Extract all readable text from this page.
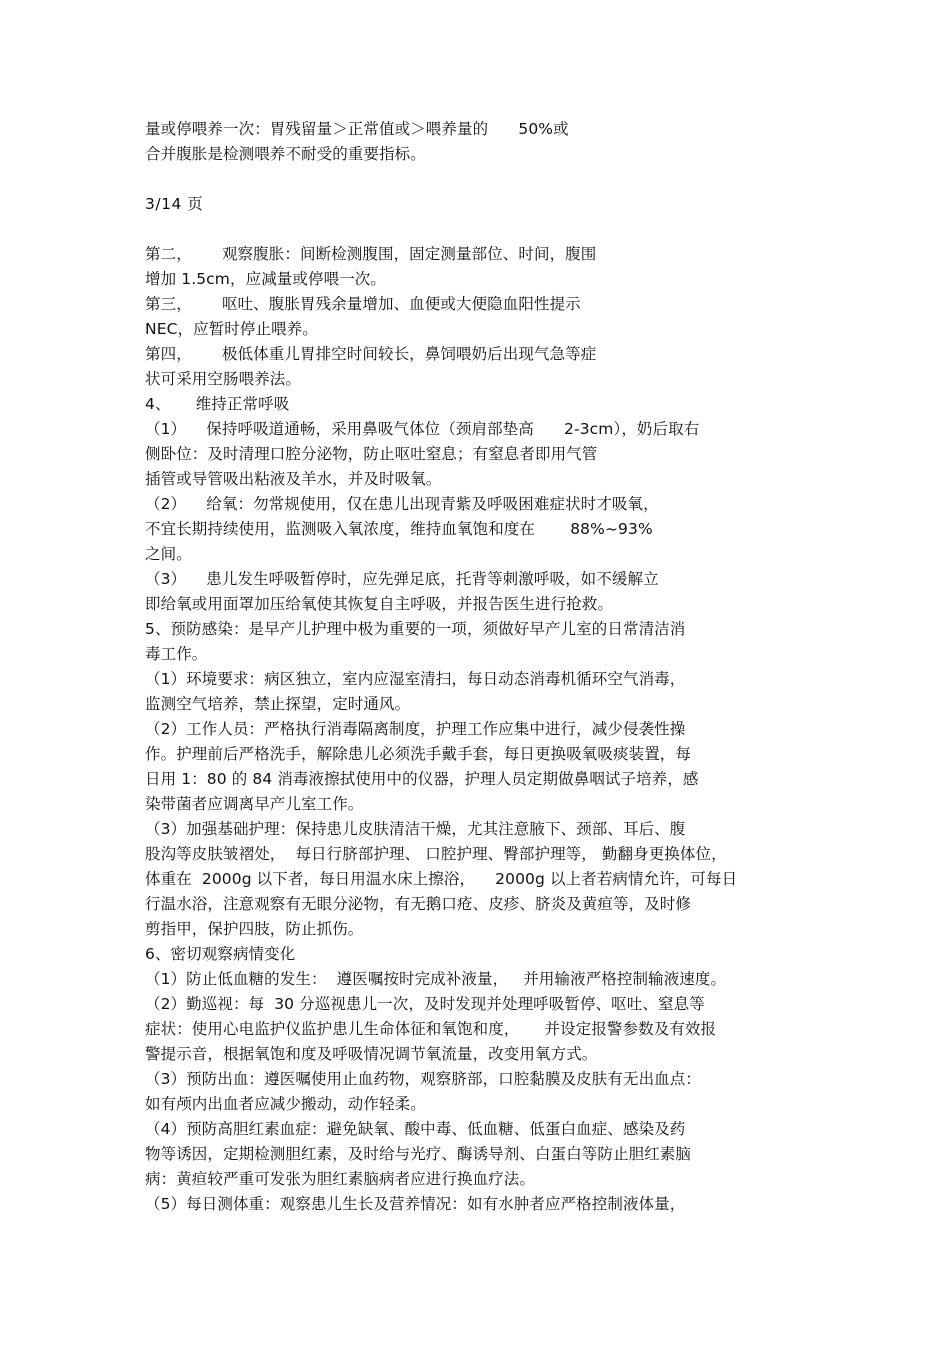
量或停喂养一次：胃残留量＞正常值或＞喂养量的      50%或
合并腹胀是检测喂养不耐受的重要指标。
3/14 页
第二，      观察腹胀：间断检测腹围，固定测量部位、时间，腹围
增加 1.5cm，应减量或停喂一次。
第三，      呕吐、腹胀胃残余量增加、血便或大便隐血阳性提示
NEC，应暂时停止喂养。
第四，      极低体重儿胃排空时间较长，鼻饲喂奶后出现气急等症
状可采用空肠喂养法。
4、     维持正常呼吸
（1）    保持呼吸道通畅，采用鼻吸气体位（颈肩部垫高      2-3cm），奶后取右
侧卧位：及时清理口腔分泌物，防止呕吐窒息；有窒息者即用气管
插管或导管吸出粘液及羊水，并及时吸氧。
（2）    给氧：勿常规使用，仅在患儿出现青紫及呼吸困难症状时才吸氧，
不宜长期持续使用，监测吸入氧浓度，维持血氧饱和度在       88%~93%
之间。
（3）    患儿发生呼吸暂停时，应先弹足底，托背等刺激呼吸，如不缓解立
即给氧或用面罩加压给氧使其恢复自主呼吸，并报告医生进行抢救。
5、预防感染：是早产儿护理中极为重要的一项，须做好早产儿室的日常清洁消
毒工作。
（1）环境要求：病区独立，室内应湿室清扫，每日动态消毒机循环空气消毒，
监测空气培养，禁止探望，定时通风。
（2）工作人员：严格执行消毒隔离制度，护理工作应集中进行，减少侵袭性操
作。护理前后严格洗手，解除患儿必须洗手戴手套，每日更换吸氧吸痰装置，每
日用 1：80 的 84 消毒液擦拭使用中的仪器，护理人员定期做鼻咽试子培养，感
染带菌者应调离早产儿室工作。
（3）加强基础护理：保持患儿皮肤清洁干燥，尤其注意腋下、颈部、耳后、腹
股沟等皮肤皱褶处，  每日行脐部护理、 口腔护理、臀部护理等， 勤翻身更换体位，
体重在  2000g 以下者，每日用温水床上擦浴，    2000g 以上者若病情允许，可每日
行温水浴，注意观察有无眼分泌物，有无鹅口疮、皮疹、脐炎及黄疸等，及时修
剪指甲，保护四肢，防止抓伤。
6、密切观察病情变化
（1）防止低血糖的发生：  遵医嘱按时完成补液量，   并用输液严格控制输液速度。
（2）勤巡视：每  30 分巡视患儿一次，及时发现并处理呼吸暂停、呕吐、窒息等
症状：使用心电监护仪监护患儿生命体征和氧饱和度，     并设定报警参数及有效报
警提示音，根据氧饱和度及呼吸情况调节氧流量，改变用氧方式。
（3）预防出血：遵医嘱使用止血药物，观察脐部，口腔黏膜及皮肤有无出血点：
如有颅内出血者应减少搬动，动作轻柔。
（4）预防高胆红素血症：避免缺氧、酸中毒、低血糖、低蛋白血症、感染及药
物等诱因，定期检测胆红素，及时给与光疗、酶诱导剂、白蛋白等防止胆红素脑
病：黄疸较严重可发张为胆红素脑病者应进行换血疗法。
（5）每日测体重：观察患儿生长及营养情况：如有水肿者应严格控制液体量，
